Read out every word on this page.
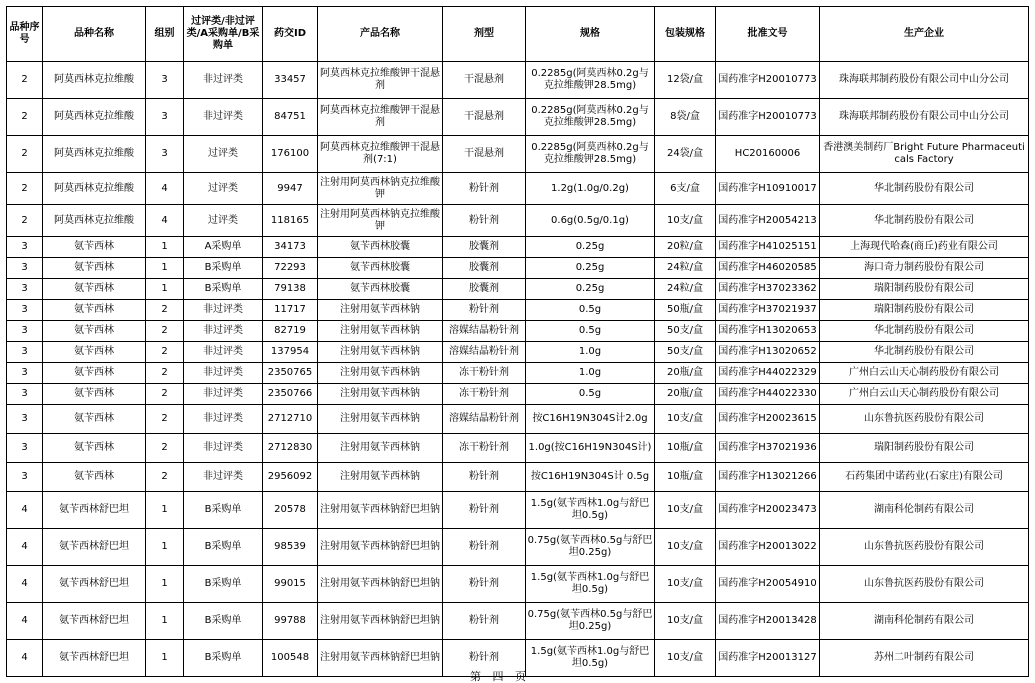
品种序号	品种名称	组别	过评类/非过评类/A采购单/B采购单	药交ID	产品名称	剂型	规格	包装规格	批准文号	生产企业
2	阿莫西林克拉维酸	3	非过评类	33457	阿莫西林克拉维酸钾干混悬剂	干混悬剂	0.2285g(阿莫西林0.2g与克拉维酸钾28.5mg)	12袋/盒	国药准字H20010773	珠海联邦制药股份有限公司中山分公司
2	阿莫西林克拉维酸	3	非过评类	84751	阿莫西林克拉维酸钾干混悬剂	干混悬剂	0.2285g(阿莫西林0.2g与克拉维酸钾28.5mg)	8袋/盒	国药准字H20010773	珠海联邦制药股份有限公司中山分公司
2	阿莫西林克拉维酸	3	过评类	176100	阿莫西林克拉维酸钾干混悬剂(7:1)	干混悬剂	0.2285g(阿莫西林0.2g与克拉维酸钾28.5mg)	24袋/盒	HC20160006	香港澳美制药厂Bright Future Pharmaceuticals Factory
2	阿莫西林克拉维酸	4	过评类	9947	注射用阿莫西林钠克拉维酸钾	粉针剂	1.2g(1.0g/0.2g)	6支/盒	国药准字H10910017	华北制药股份有限公司
2	阿莫西林克拉维酸	4	过评类	118165	注射用阿莫西林钠克拉维酸钾	粉针剂	0.6g(0.5g/0.1g)	10支/盒	国药准字H20054213	华北制药股份有限公司
3	氨苄西林	1	A采购单	34173	氨苄西林胶囊	胶囊剂	0.25g	20粒/盒	国药准字H41025151	上海现代哈森(商丘)药业有限公司
3	氨苄西林	1	B采购单	72293	氨苄西林胶囊	胶囊剂	0.25g	24粒/盒	国药准字H46020585	海口奇力制药股份有限公司
3	氨苄西林	1	B采购单	79138	氨苄西林胶囊	胶囊剂	0.25g	24粒/盒	国药准字H37023362	瑞阳制药股份有限公司
3	氨苄西林	2	非过评类	11717	注射用氨苄西林钠	粉针剂	0.5g	50瓶/盒	国药准字H37021937	瑞阳制药股份有限公司
3	氨苄西林	2	非过评类	82719	注射用氨苄西林钠	溶媒结晶粉针剂	0.5g	50支/盒	国药准字H13020653	华北制药股份有限公司
3	氨苄西林	2	非过评类	137954	注射用氨苄西林钠	溶媒结晶粉针剂	1.0g	50支/盒	国药准字H13020652	华北制药股份有限公司
3	氨苄西林	2	非过评类	2350765	注射用氨苄西林钠	冻干粉针剂	1.0g	20瓶/盒	国药准字H44022329	广州白云山天心制药股份有限公司
3	氨苄西林	2	非过评类	2350766	注射用氨苄西林钠	冻干粉针剂	0.5g	20瓶/盒	国药准字H44022330	广州白云山天心制药股份有限公司
3	氨苄西林	2	非过评类	2712710	注射用氨苄西林钠	溶媒结晶粉针剂	按C16H19N304S计2.0g	10支/盒	国药准字H20023615	山东鲁抗医药股份有限公司
3	氨苄西林	2	非过评类	2712830	注射用氨苄西林钠	冻干粉针剂	1.0g(按C16H19N304S计)	10瓶/盒	国药准字H37021936	瑞阳制药股份有限公司
3	氨苄西林	2	非过评类	2956092	注射用氨苄西林钠	粉针剂	按C16H19N304S计 0.5g	10瓶/盒	国药准字H13021266	石药集团中诺药业(石家庄)有限公司
4	氨苄西林舒巴坦	1	B采购单	20578	注射用氨苄西林钠舒巴坦钠	粉针剂	1.5g(氨苄西林1.0g与舒巴坦0.5g)	10支/盒	国药准字H20023473	湖南科伦制药有限公司
4	氨苄西林舒巴坦	1	B采购单	98539	注射用氨苄西林钠舒巴坦钠	粉针剂	0.75g(氨苄西林0.5g与舒巴坦0.25g)	10支/盒	国药准字H20013022	山东鲁抗医药股份有限公司
4	氨苄西林舒巴坦	1	B采购单	99015	注射用氨苄西林钠舒巴坦钠	粉针剂	1.5g(氨苄西林1.0g与舒巴坦0.5g)	10支/盒	国药准字H20054910	山东鲁抗医药股份有限公司
4	氨苄西林舒巴坦	1	B采购单	99788	注射用氨苄西林钠舒巴坦钠	粉针剂	0.75g(氨苄西林0.5g与舒巴坦0.25g)	10支/盒	国药准字H20013428	湖南科伦制药有限公司
4	氨苄西林舒巴坦	1	B采购单	100548	注射用氨苄西林钠舒巴坦钠	粉针剂	1.5g(氨苄西林1.0g与舒巴坦0.5g)	10支/盒	国药准字H20013127	苏州二叶制药有限公司
第 四 页
